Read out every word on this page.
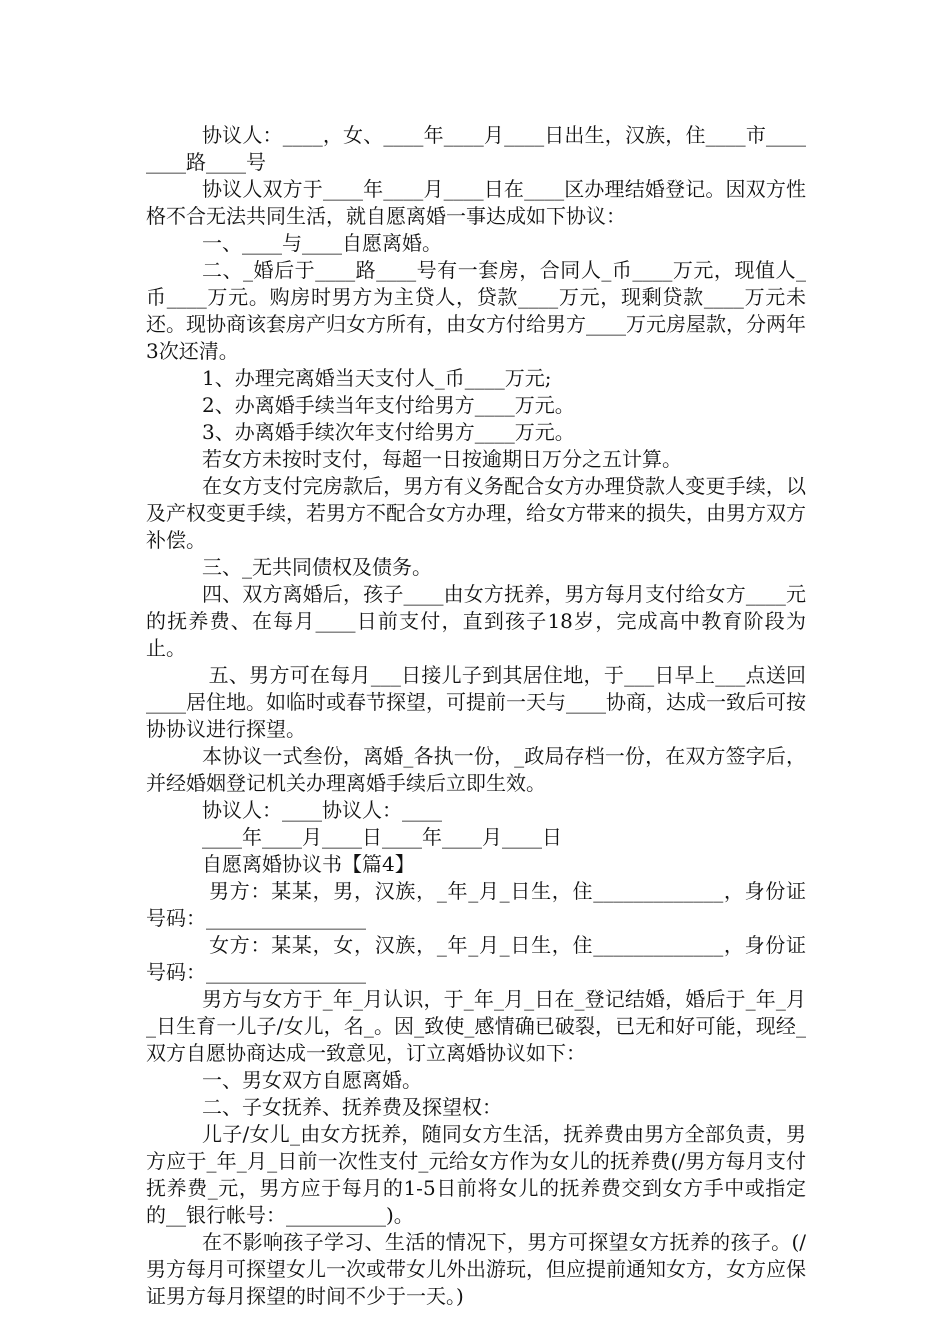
协议人：____，女、____年____月____日出生，汉族，住____市________路____号

协议人双方于____年____月____日在____区办理结婚登记。因双方性格不合无法共同生活，就自愿离婚一事达成如下协议：

一、____与____自愿离婚。

二、_婚后于____路____号有一套房，合同人_币____万元，现值人_币____万元。购房时男方为主贷人，贷款____万元，现剩贷款____万元未还。现协商该套房产归女方所有，由女方付给男方____万元房屋款，分两年3次还清。

1、办理完离婚当天支付人_币____万元;

2、办离婚手续当年支付给男方____万元。

3、办离婚手续次年支付给男方____万元。

若女方未按时支付，每超一日按逾期日万分之五计算。

在女方支付完房款后，男方有义务配合女方办理贷款人变更手续，以及产权变更手续，若男方不配合女方办理，给女方带来的损失，由男方双方补偿。

三、_无共同债权及债务。

四、双方离婚后，孩子____由女方抚养，男方每月支付给女方____元的抚养费、在每月____日前支付，直到孩子18岁，完成高中教育阶段为止。

五、男方可在每月___日接儿子到其居住地，于___日早上___点送回____居住地。如临时或春节探望，可提前一天与____协商，达成一致后可按协协议进行探望。

本协议一式叁份，离婚_各执一份，_政局存档一份，在双方签字后，并经婚姻登记机关办理离婚手续后立即生效。

协议人：____协议人：____

____年____月____日____年____月____日

自愿离婚协议书【篇4】

男方：某某，男，汉族，_年_月_日生，住_____________，身份证号码：________________

女方：某某，女，汉族，_年_月_日生，住_____________，身份证号码：________________

男方与女方于_年_月认识，于_年_月_日在_登记结婚，婚后于_年_月_日生育一儿子/女儿，名_。因_致使_感情确已破裂，已无和好可能，现经_双方自愿协商达成一致意见，订立离婚协议如下：

一、男女双方自愿离婚。

二、子女抚养、抚养费及探望权：

儿子/女儿_由女方抚养，随同女方生活，抚养费由男方全部负责，男方应于_年_月_日前一次性支付_元给女方作为女儿的抚养费(/男方每月支付抚养费_元，男方应于每月的1-5日前将女儿的抚养费交到女方手中或指定的__银行帐号：__________)。

在不影响孩子学习、生活的情况下，男方可探望女方抚养的孩子。(/男方每月可探望女儿一次或带女儿外出游玩，但应提前通知女方，女方应保证男方每月探望的时间不少于一天。)
